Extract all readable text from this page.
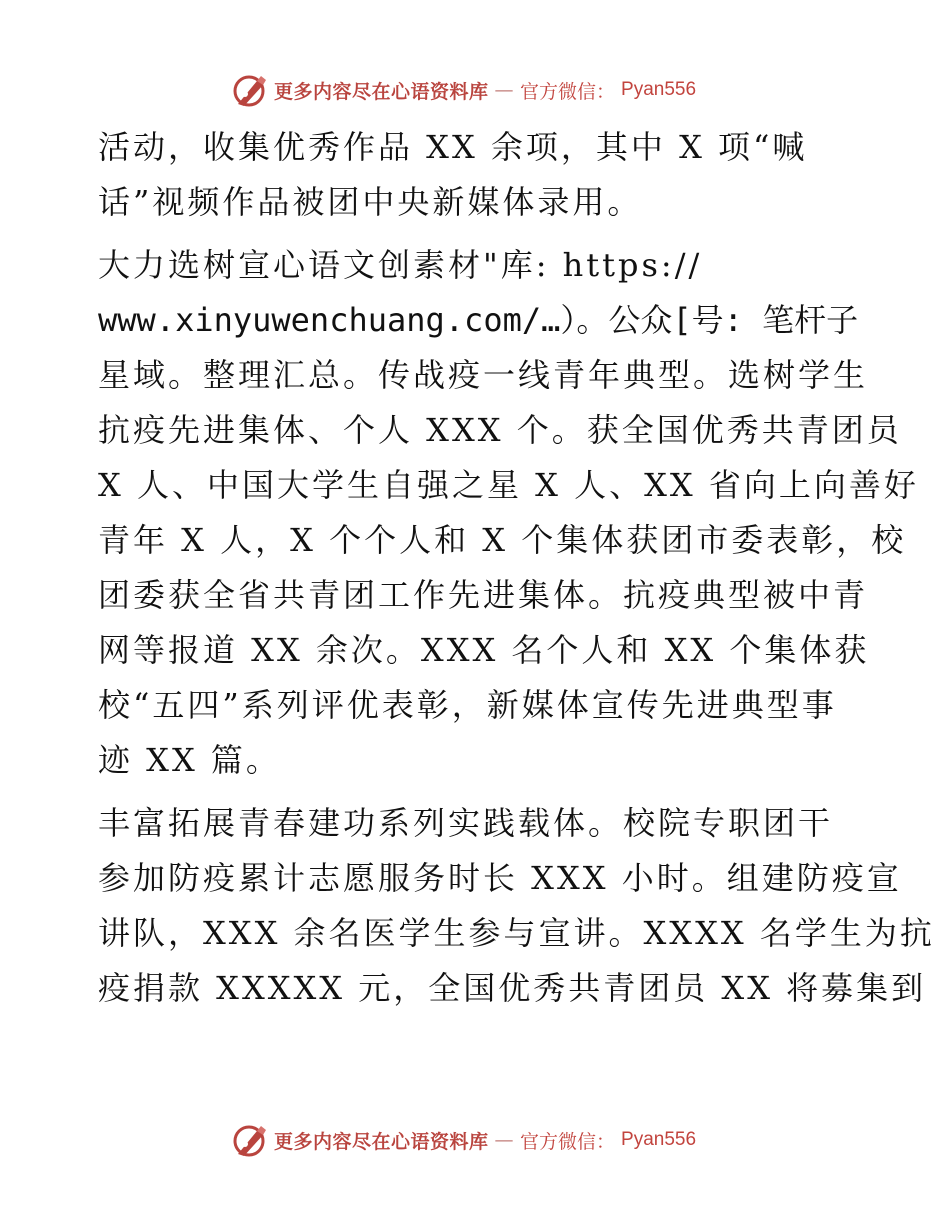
更多内容尽在心语资料库 — 官方微信： Pyan556
活动，收集优秀作品 XX 余项，其中 X 项“喊
话”视频作品被团中央新媒体录用。
大力选树宣心语文创素材"库: https://
www.xinyuwenchuang.com/…）。公众[号: 笔杆子
星域。整理汇总。传战疫一线青年典型。选树学生
抗疫先进集体、个人 XXX 个。获全国优秀共青团员
X 人、中国大学生自强之星 X 人、XX 省向上向善好
青年 X 人，X 个个人和 X 个集体获团市委表彰，校
团委获全省共青团工作先进集体。抗疫典型被中青
网等报道 XX 余次。XXX 名个人和 XX 个集体获
校“五四”系列评优表彰，新媒体宣传先进典型事
迹 XX 篇。
丰富拓展青春建功系列实践载体。校院专职团干
参加防疫累计志愿服务时长 XXX 小时。组建防疫宣
讲队，XXX 余名医学生参与宣讲。XXXX 名学生为抗
疫捐款 XXXXX 元，全国优秀共青团员 XX 将募集到
更多内容尽在心语资料库 — 官方微信： Pyan556
